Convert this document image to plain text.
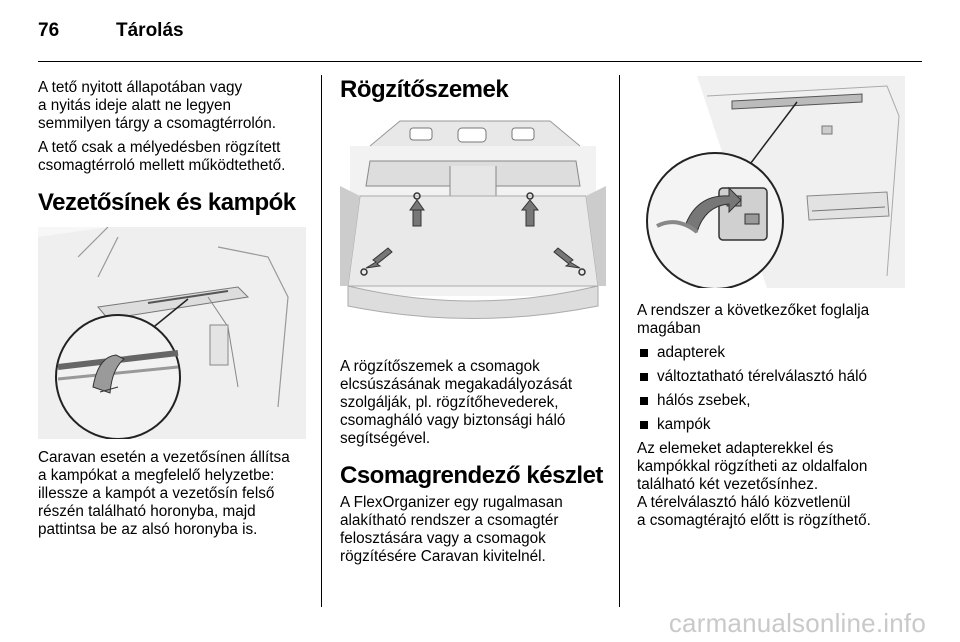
76	Tárolás

A tető nyitott állapotában vagy
a nyitás ideje alatt ne legyen
semmilyen tárgy a csomagtérrolón.

A tető csak a mélyedésben rögzített
csomagtérroló mellett működtethető.

Vezetősínek és kampók

Caravan esetén a vezetősínen állítsa
a kampókat a megfelelő helyzetbe:
illessze a kampót a vezetősín felső
részén található horonyba, majd
pattintsa be az alsó horonyba is.

Rögzítőszemek

A rögzítőszemek a csomagok
elcsúszásának megakadályozását
szolgálják, pl. rögzítőhevederek,
csomagháló vagy biztonsági háló
segítségével.

Csomagrendező készlet

A FlexOrganizer egy rugalmasan
alakítható rendszer a csomagtér
felosztására vagy a csomagok
rögzítésére Caravan kivitelnél.

A rendszer a következőket foglalja
magában

adapterek
változtatható térelválasztó háló
hálós zsebek,
kampók

Az elemeket adapterekkel és
kampókkal rögzítheti az oldalfalon
található két vezetősínhez.
A térelválasztó háló közvetlenül
a csomagtérajtó előtt is rögzíthető.

carmanualsonline.info
